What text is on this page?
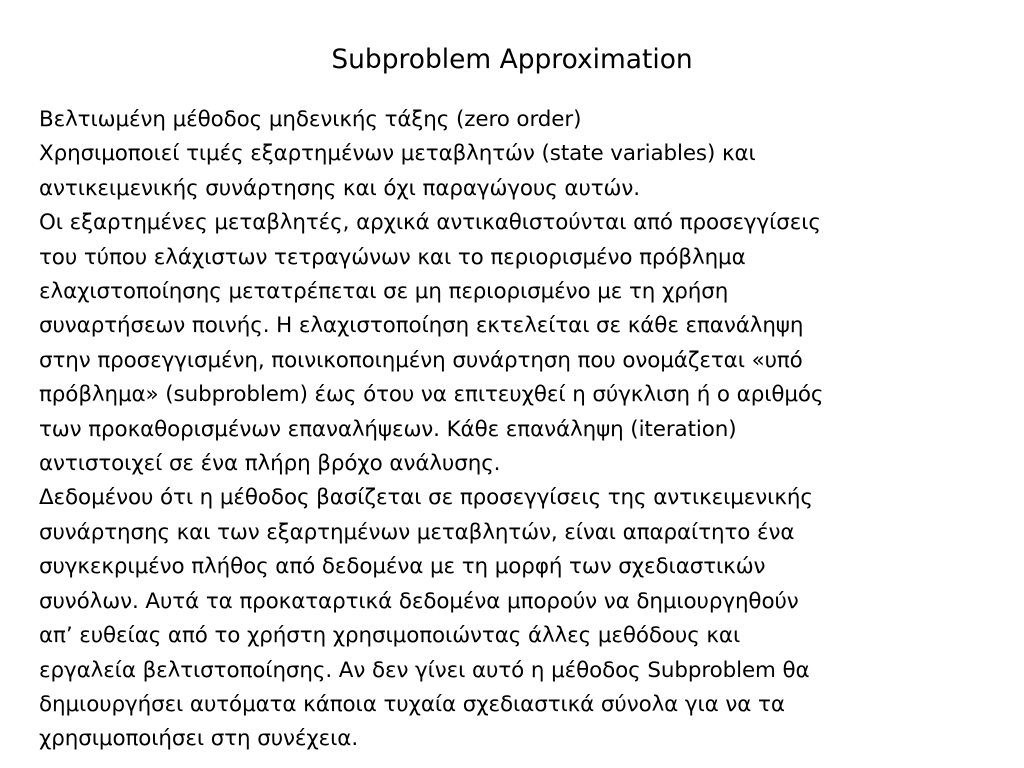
Subproblem Approximation
Βελτιωμένη μέθοδος μηδενικής τάξης (zero order)
Χρησιμοποιεί τιμές εξαρτημένων μεταβλητών (state variables) και
αντικειμενικής συνάρτησης και όχι παραγώγους αυτών.
Οι εξαρτημένες μεταβλητές, αρχικά αντικαθιστούνται από προσεγγίσεις
του τύπου ελάχιστων τετραγώνων και το περιορισμένο πρόβλημα
ελαχιστοποίησης μετατρέπεται σε μη περιορισμένο με τη χρήση
συναρτήσεων ποινής. Η ελαχιστοποίηση εκτελείται σε κάθε επανάληψη
στην προσεγγισμένη, ποινικοποιημένη συνάρτηση που ονομάζεται «υπό
πρόβλημα» (subproblem) έως ότου να επιτευχθεί η σύγκλιση ή ο αριθμός
των προκαθορισμένων επαναλήψεων. Κάθε επανάληψη (iteration)
αντιστοιχεί σε ένα πλήρη βρόχο ανάλυσης.
Δεδομένου ότι η μέθοδος βασίζεται σε προσεγγίσεις της αντικειμενικής
συνάρτησης και των εξαρτημένων μεταβλητών, είναι απαραίτητο ένα
συγκεκριμένο πλήθος από δεδομένα με τη μορφή των σχεδιαστικών
συνόλων. Αυτά τα προκαταρτικά δεδομένα μπορούν να δημιουργηθούν
απ’ ευθείας από το χρήστη χρησιμοποιώντας άλλες μεθόδους και
εργαλεία βελτιστοποίησης. Αν δεν γίνει αυτό η μέθοδος Subproblem θα
δημιουργήσει αυτόματα κάποια τυχαία σχεδιαστικά σύνολα για να τα
χρησιμοποιήσει στη συνέχεια.
